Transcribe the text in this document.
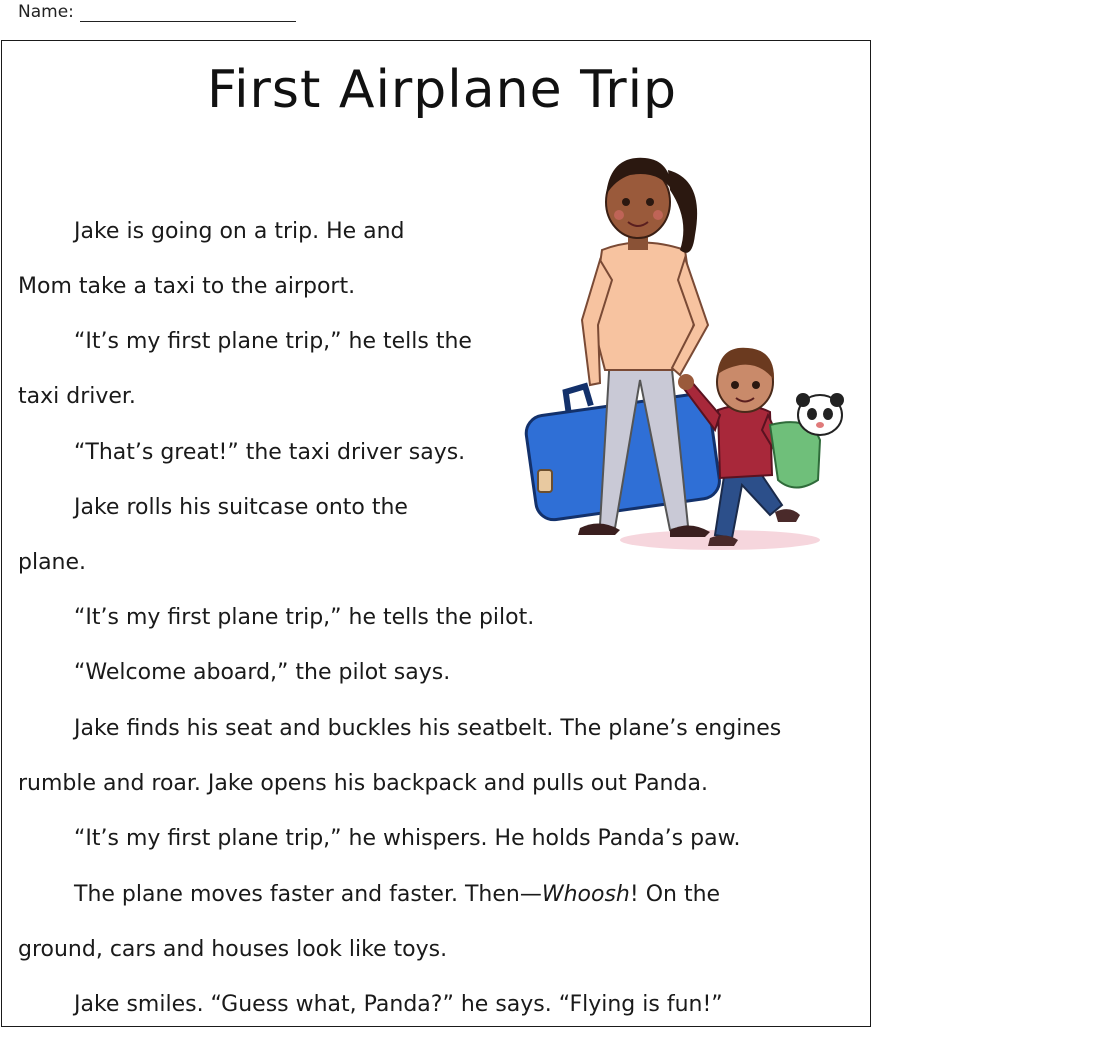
Name:
First Airplane Trip

Jake is going on a trip. He and

Mom take a taxi to the airport.

“It’s my first plane trip,” he tells the

taxi driver.

“That’s great!” the taxi driver says.

Jake rolls his suitcase onto the

plane.

“It’s my first plane trip,” he tells the pilot.

“Welcome aboard,” the pilot says.

Jake finds his seat and buckles his seatbelt. The plane’s engines

rumble and roar. Jake opens his backpack and pulls out Panda.

“It’s my first plane trip,” he whispers. He holds Panda’s paw.

The plane moves faster and faster. Then—Whoosh! On the

ground, cars and houses look like toys.

Jake smiles. “Guess what, Panda?” he says. “Flying is fun!”
